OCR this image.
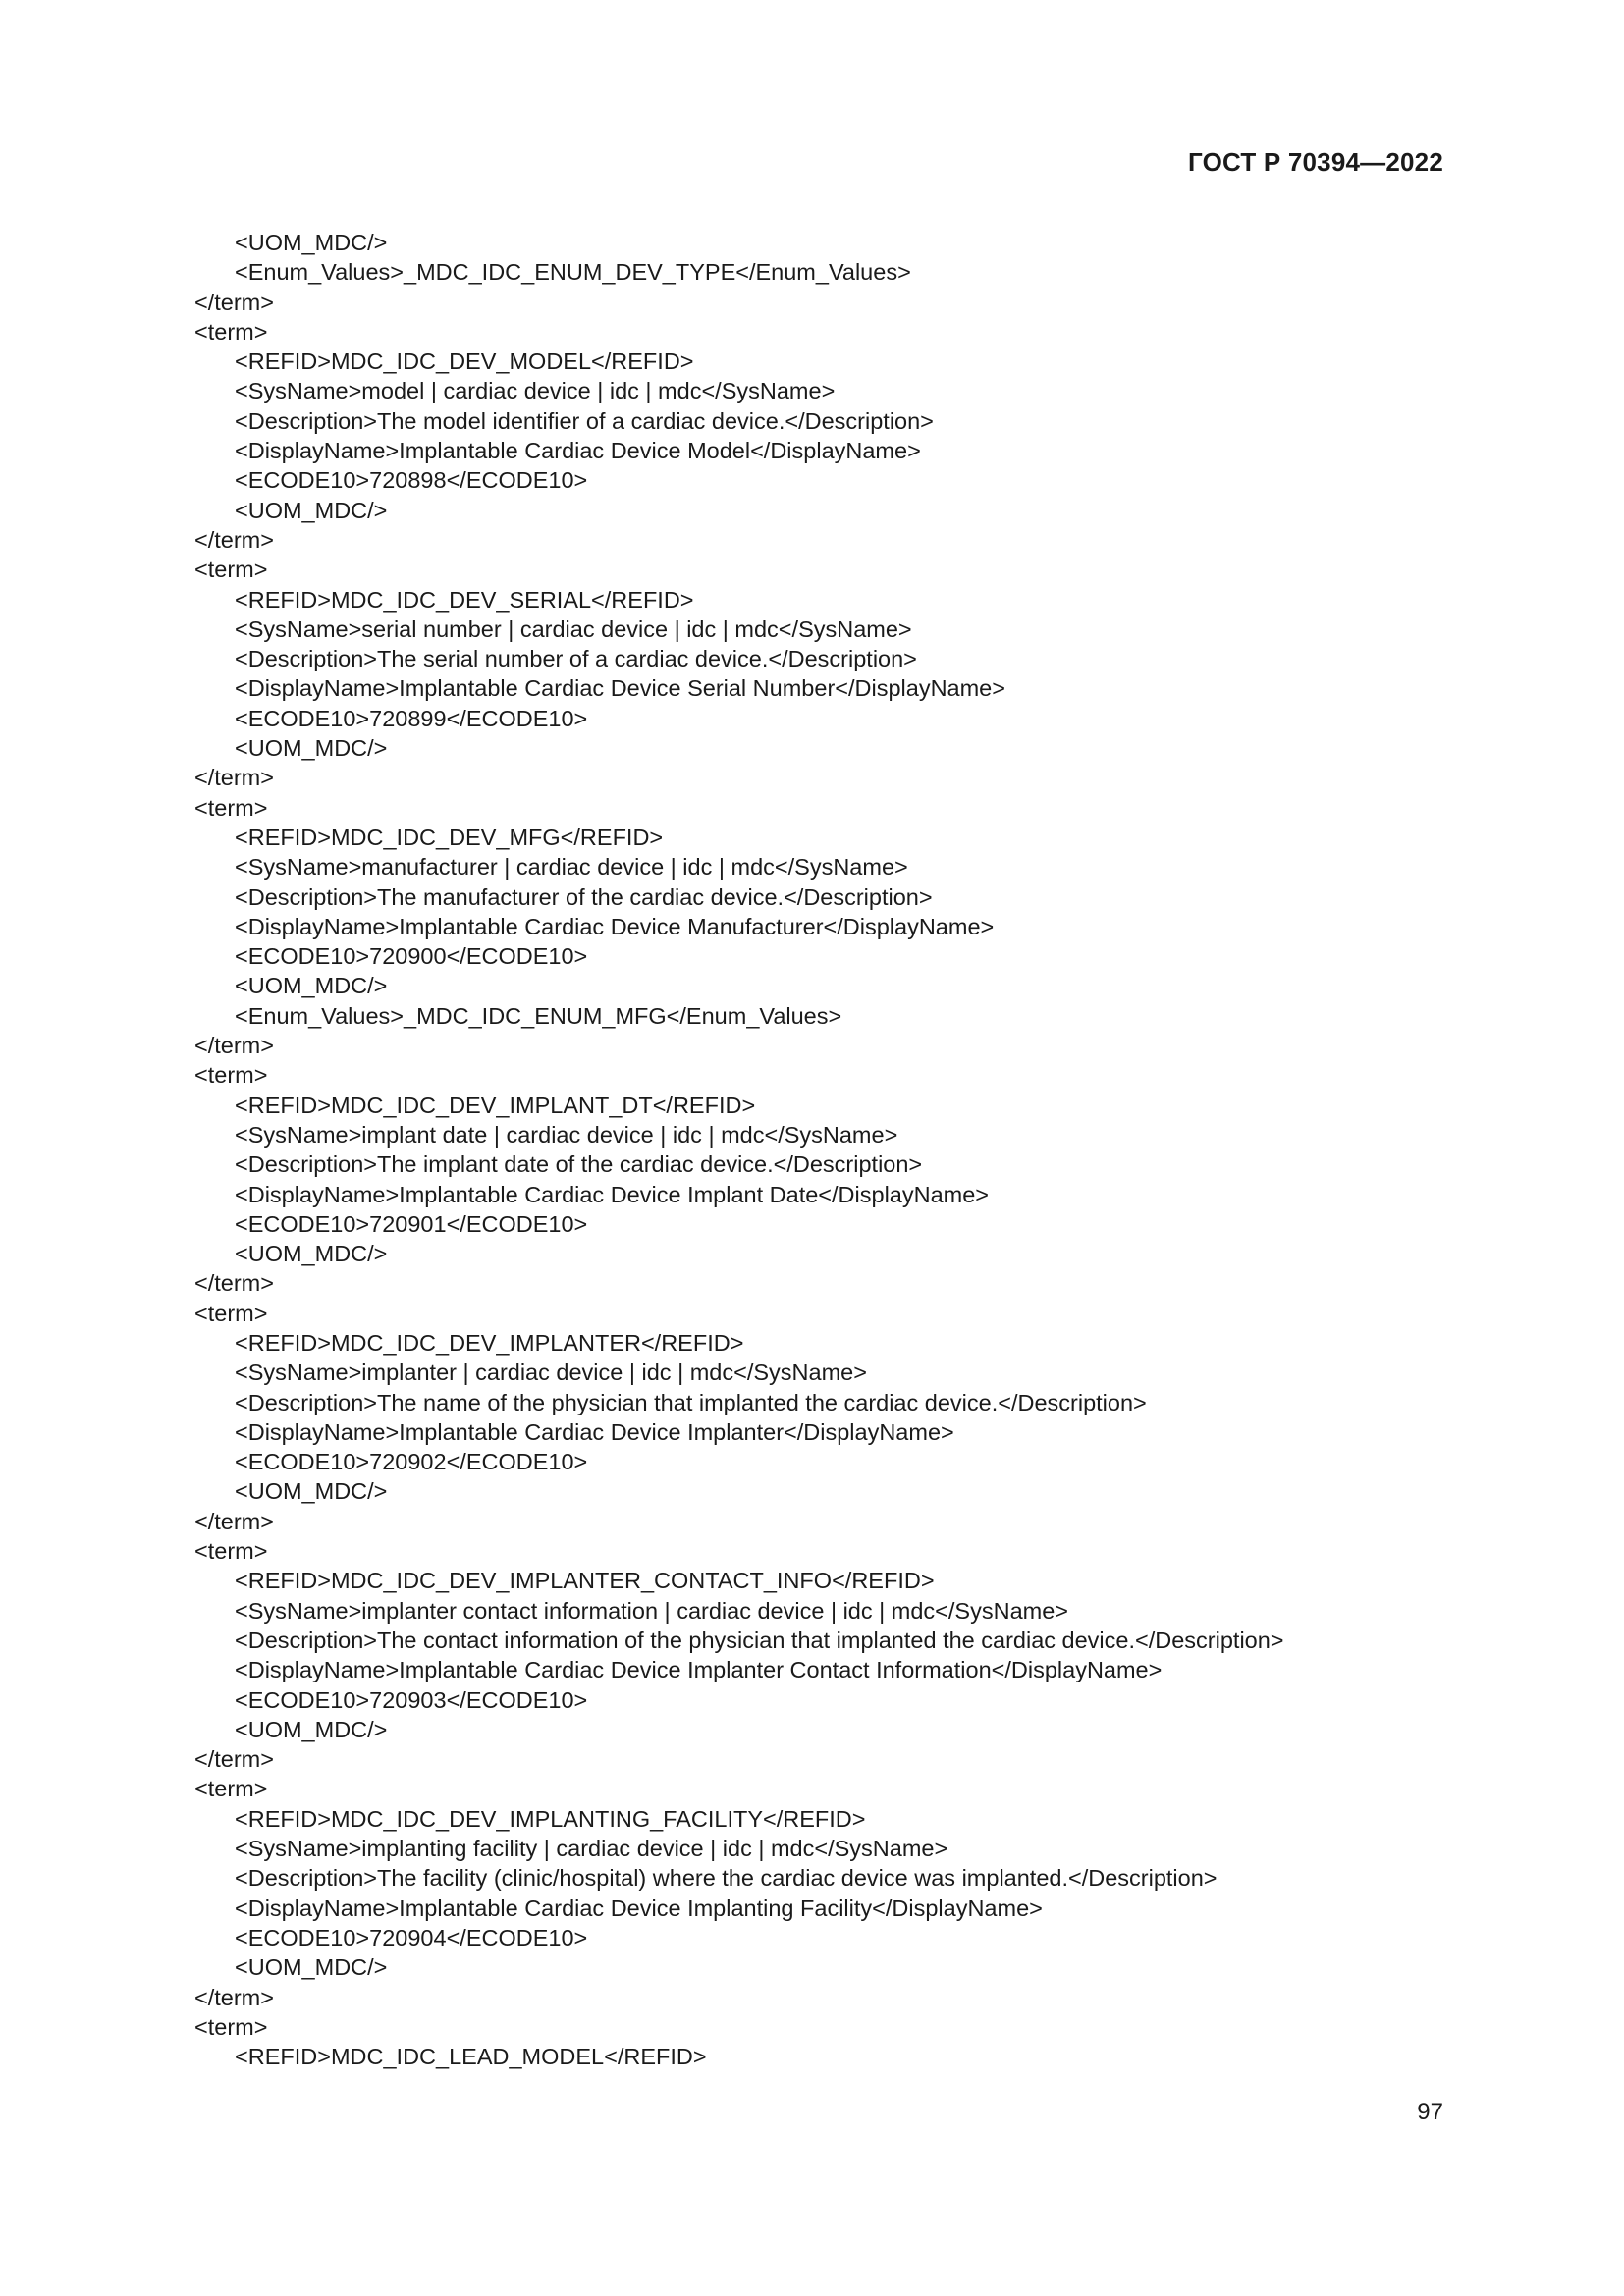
ГОСТ Р 70394—2022
<UOM_MDC/>
<Enum_Values>_MDC_IDC_ENUM_DEV_TYPE</Enum_Values>
</term>
<term>
<REFID>MDC_IDC_DEV_MODEL</REFID>
<SysName>model | cardiac device | idc | mdc</SysName>
<Description>The model identifier of a cardiac device.</Description>
<DisplayName>Implantable Cardiac Device Model</DisplayName>
<ECODE10>720898</ECODE10>
<UOM_MDC/>
</term>
<term>
<REFID>MDC_IDC_DEV_SERIAL</REFID>
<SysName>serial number | cardiac device | idc | mdc</SysName>
<Description>The serial number of a cardiac device.</Description>
<DisplayName>Implantable Cardiac Device Serial Number</DisplayName>
<ECODE10>720899</ECODE10>
<UOM_MDC/>
</term>
<term>
<REFID>MDC_IDC_DEV_MFG</REFID>
<SysName>manufacturer | cardiac device | idc | mdc</SysName>
<Description>The manufacturer of the cardiac device.</Description>
<DisplayName>Implantable Cardiac Device Manufacturer</DisplayName>
<ECODE10>720900</ECODE10>
<UOM_MDC/>
<Enum_Values>_MDC_IDC_ENUM_MFG</Enum_Values>
</term>
<term>
<REFID>MDC_IDC_DEV_IMPLANT_DT</REFID>
<SysName>implant date | cardiac device | idc | mdc</SysName>
<Description>The implant date of the cardiac device.</Description>
<DisplayName>Implantable Cardiac Device Implant Date</DisplayName>
<ECODE10>720901</ECODE10>
<UOM_MDC/>
</term>
<term>
<REFID>MDC_IDC_DEV_IMPLANTER</REFID>
<SysName>implanter | cardiac device | idc | mdc</SysName>
<Description>The name of the physician that implanted the cardiac device.</Description>
<DisplayName>Implantable Cardiac Device Implanter</DisplayName>
<ECODE10>720902</ECODE10>
<UOM_MDC/>
</term>
<term>
<REFID>MDC_IDC_DEV_IMPLANTER_CONTACT_INFO</REFID>
<SysName>implanter contact information | cardiac device | idc | mdc</SysName>
<Description>The contact information of the physician that implanted the cardiac device.</Description>
<DisplayName>Implantable Cardiac Device Implanter Contact Information</DisplayName>
<ECODE10>720903</ECODE10>
<UOM_MDC/>
</term>
<term>
<REFID>MDC_IDC_DEV_IMPLANTING_FACILITY</REFID>
<SysName>implanting facility | cardiac device | idc | mdc</SysName>
<Description>The facility (clinic/hospital) where the cardiac device was implanted.</Description>
<DisplayName>Implantable Cardiac Device Implanting Facility</DisplayName>
<ECODE10>720904</ECODE10>
<UOM_MDC/>
</term>
<term>
<REFID>MDC_IDC_LEAD_MODEL</REFID>
97
